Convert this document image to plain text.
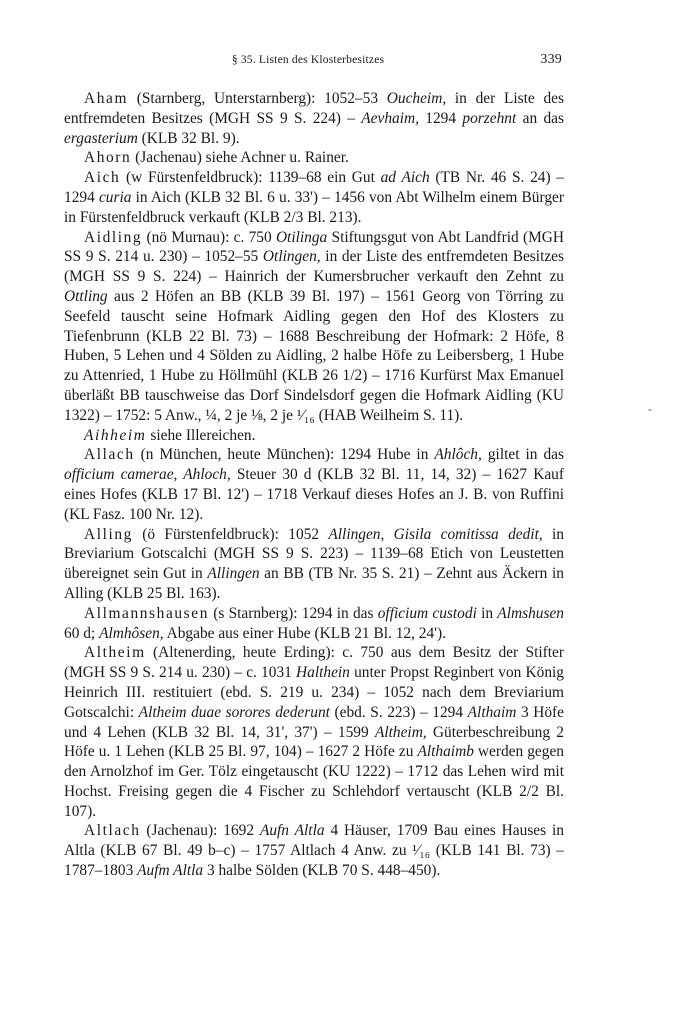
§ 35. Listen des Klosterbesitzes	339

Aham (Starnberg, Unterstarnberg): 1052–53 Oucheim, in der Liste des entfremdeten Besitzes (MGH SS 9 S. 224) – Aevhaim, 1294 porzehnt an das ergasterium (KLB 32 Bl. 9).

Ahorn (Jachenau) siehe Achner u. Rainer.

Aich (w Fürstenfeldbruck): 1139–68 ein Gut ad Aich (TB Nr. 46 S. 24) – 1294 curia in Aich (KLB 32 Bl. 6 u. 33') – 1456 von Abt Wilhelm einem Bürger in Fürstenfeldbruck verkauft (KLB 2/3 Bl. 213).

Aidling (nö Murnau): c. 750 Otilinga Stiftungsgut von Abt Landfrid (MGH SS 9 S. 214 u. 230) – 1052–55 Otlingen, in der Liste des entfremdeten Besitzes (MGH SS 9 S. 224) – Hainrich der Kumersbrucher verkauft den Zehnt zu Ottling aus 2 Höfen an BB (KLB 39 Bl. 197) – 1561 Georg von Törring zu Seefeld tauscht seine Hofmark Aidling gegen den Hof des Klosters zu Tiefenbrunn (KLB 22 Bl. 73) – 1688 Beschreibung der Hofmark: 2 Höfe, 8 Huben, 5 Lehen und 4 Sölden zu Aidling, 2 halbe Höfe zu Leibersberg, 1 Hube zu Attenried, 1 Hube zu Höllmühl (KLB 26 1/2) – 1716 Kurfürst Max Emanuel überläßt BB tauschweise das Dorf Sindelsdorf gegen die Hofmark Aidling (KU 1322) – 1752: 5 Anw., ¼, 2 je ⅛, 2 je ¹⁄₁₆ (HAB Weilheim S. 11).

Aihheim siehe Illereichen.

Allach (n München, heute München): 1294 Hube in Ahlôch, giltet in das officium camerae, Ahloch, Steuer 30 d (KLB 32 Bl. 11, 14, 32) – 1627 Kauf eines Hofes (KLB 17 Bl. 12') – 1718 Verkauf dieses Hofes an J. B. von Ruffini (KL Fasz. 100 Nr. 12).

Alling (ö Fürstenfeldbruck): 1052 Allingen, Gisila comitissa dedit, in Breviarium Gotscalchi (MGH SS 9 S. 223) – 1139–68 Etich von Leustetten übereignet sein Gut in Allingen an BB (TB Nr. 35 S. 21) – Zehnt aus Äckern in Alling (KLB 25 Bl. 163).

Allmannshausen (s Starnberg): 1294 in das officium custodi in Almshusen 60 d; Almhôsen, Abgabe aus einer Hube (KLB 21 Bl. 12, 24').

Altheim (Altenerding, heute Erding): c. 750 aus dem Besitz der Stifter (MGH SS 9 S. 214 u. 230) – c. 1031 Halthein unter Propst Reginbert von König Heinrich III. restituiert (ebd. S. 219 u. 234) – 1052 nach dem Breviarium Gotscalchi: Altheim duae sorores dederunt (ebd. S. 223) – 1294 Althaim 3 Höfe und 4 Lehen (KLB 32 Bl. 14, 31', 37') – 1599 Altheim, Güterbeschreibung 2 Höfe u. 1 Lehen (KLB 25 Bl. 97, 104) – 1627 2 Höfe zu Althaimb werden gegen den Arnolzhof im Ger. Tölz eingetauscht (KU 1222) – 1712 das Lehen wird mit Hochst. Freising gegen die 4 Fischer zu Schlehdorf vertauscht (KLB 2/2 Bl. 107).

Altlach (Jachenau): 1692 Aufn Altla 4 Häuser, 1709 Bau eines Hauses in Altla (KLB 67 Bl. 49 b–c) – 1757 Altlach 4 Anw. zu ¹⁄₁₆ (KLB 141 Bl. 73) – 1787–1803 Aufm Altla 3 halbe Sölden (KLB 70 S. 448–450).

-
